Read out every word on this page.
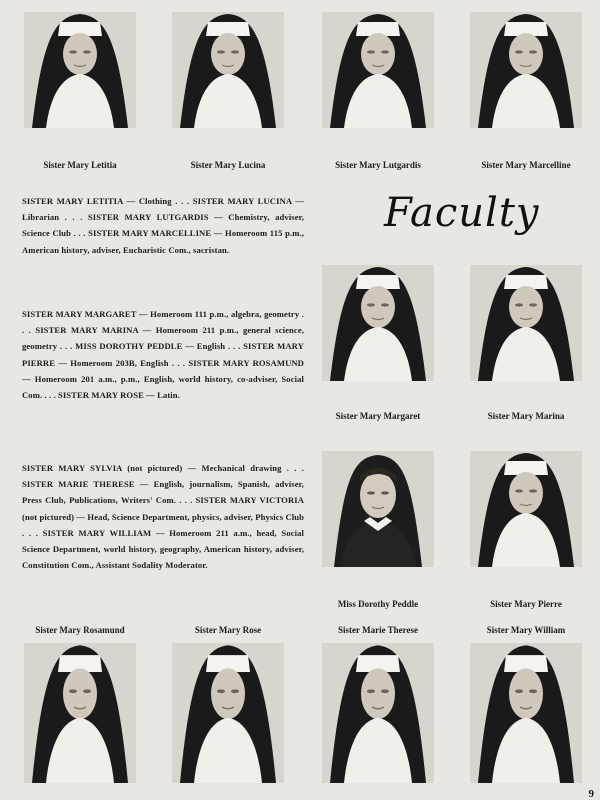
Sister Mary Letitia	Sister Mary Lucina	Sister Mary Lutgardis	Sister Mary Marcelline
Faculty
SISTER MARY LETITIA — Clothing . . . SISTER MARY LUCINA — Librarian . . . SISTER MARY LUTGARDIS — Chemistry, adviser, Science Club . . . SISTER MARY MARCELLINE — Homeroom 115 p.m., American history, adviser, Eucharistic Com., sacristan.
SISTER MARY MARGARET — Homeroom 111 p.m., algebra, geometry . . . SISTER MARY MARINA — Homeroom 211 p.m., general science, geometry . . . MISS DOROTHY PEDDLE — English . . . SISTER MARY PIERRE — Homeroom 203B, English . . . SISTER MARY ROSAMUND — Homeroom 201 a.m., p.m., English, world history, co-adviser, Social Com. . . . SISTER MARY ROSE — Latin.
SISTER MARY SYLVIA (not pictured) — Mechanical drawing . . . SISTER MARIE THERESE — English, journalism, Spanish, adviser, Press Club, Publications, Writers' Com. . . . SISTER MARY VICTORIA (not pictured) — Head, Science Department, physics, adviser, Physics Club . . . SISTER MARY WILLIAM — Homeroom 211 a.m., head, Social Science Department, world history, geography, American history, adviser, Constitution Com., Assistant Sodality Moderator.
Sister Mary Margaret	Sister Mary Marina
Miss Dorothy Peddle	Sister Mary Pierre
Sister Mary Rosamund	Sister Mary Rose	Sister Marie Therese	Sister Mary William
9
